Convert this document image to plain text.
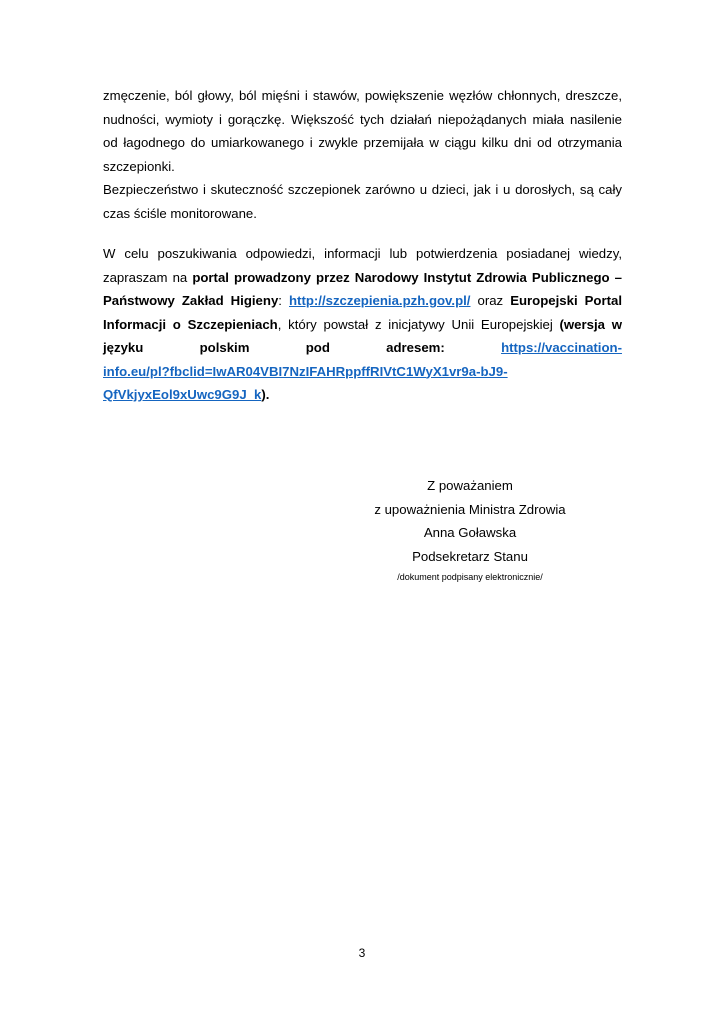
zmęczenie, ból głowy, ból mięśni i stawów, powiększenie węzłów chłonnych, dreszcze,
nudności, wymioty i gorączkę. Większość tych działań niepożądanych miała nasilenie
od łagodnego do umiarkowanego i zwykle przemijała w ciągu kilku dni od otrzymania
szczepionki.
Bezpieczeństwo i skuteczność szczepionek zarówno u dzieci, jak i u dorosłych, są cały
czas ściśle monitorowane.
W celu poszukiwania odpowiedzi, informacji lub potwierdzenia posiadanej wiedzy,
zapraszam na portal prowadzony przez Narodowy Instytut Zdrowia Publicznego –
Państwowy Zakład Higieny: http://szczepienia.pzh.gov.pl/ oraz Europejski Portal
Informacji o Szczepieniach, który powstał z inicjatywy Unii Europejskiej (wersja w
języku	polskim	pod	adresem:	https://vaccination-
info.eu/pl?fbclid=IwAR04VBI7NzIFAHRppffRIVtC1WyX1vr9a-bJ9-
QfVkjyxEol9xUwc9G9J_k).
Z poważaniem
z upoważnienia Ministra Zdrowia
Anna Goławska
Podsekretarz Stanu
/dokument podpisany elektronicznie/
3
